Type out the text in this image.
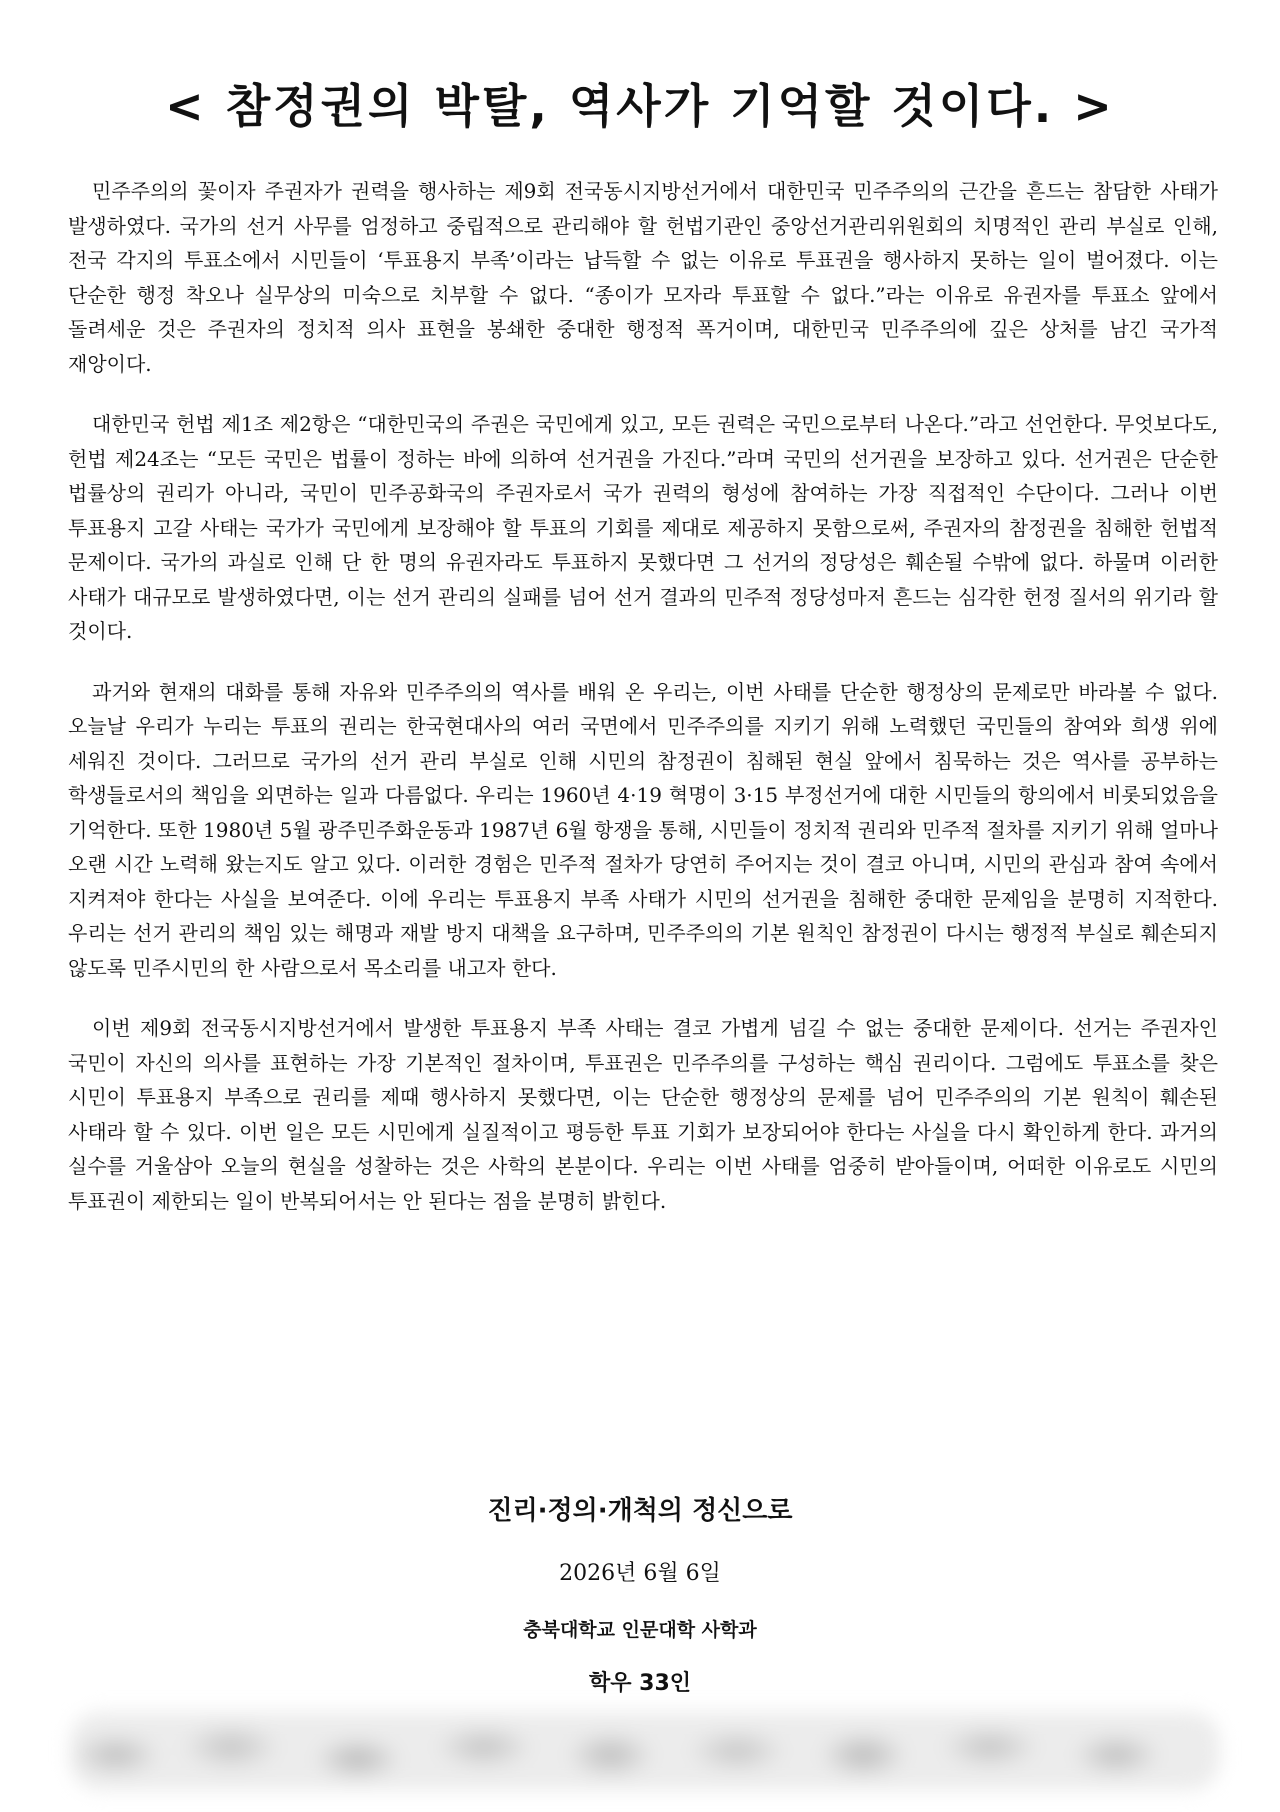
< 참정권의 박탈, 역사가 기억할 것이다. >

민주주의의 꽃이자 주권자가 권력을 행사하는 제9회 전국동시지방선거에서 대한민국 민주주의의 근간을 흔드는 참담한 사태가 발생하였다. 국가의 선거 사무를 엄정하고 중립적으로 관리해야 할 헌법기관인 중앙선거관리위원회의 치명적인 관리 부실로 인해, 전국 각지의 투표소에서 시민들이 ‘투표용지 부족’이라는 납득할 수 없는 이유로 투표권을 행사하지 못하는 일이 벌어졌다. 이는 단순한 행정 착오나 실무상의 미숙으로 치부할 수 없다. “종이가 모자라 투표할 수 없다.”라는 이유로 유권자를 투표소 앞에서 돌려세운 것은 주권자의 정치적 의사 표현을 봉쇄한 중대한 행정적 폭거이며, 대한민국 민주주의에 깊은 상처를 남긴 국가적 재앙이다.

대한민국 헌법 제1조 제2항은 “대한민국의 주권은 국민에게 있고, 모든 권력은 국민으로부터 나온다.”라고 선언한다. 무엇보다도, 헌법 제24조는 “모든 국민은 법률이 정하는 바에 의하여 선거권을 가진다.”라며 국민의 선거권을 보장하고 있다. 선거권은 단순한 법률상의 권리가 아니라, 국민이 민주공화국의 주권자로서 국가 권력의 형성에 참여하는 가장 직접적인 수단이다. 그러나 이번 투표용지 고갈 사태는 국가가 국민에게 보장해야 할 투표의 기회를 제대로 제공하지 못함으로써, 주권자의 참정권을 침해한 헌법적 문제이다. 국가의 과실로 인해 단 한 명의 유권자라도 투표하지 못했다면 그 선거의 정당성은 훼손될 수밖에 없다. 하물며 이러한 사태가 대규모로 발생하였다면, 이는 선거 관리의 실패를 넘어 선거 결과의 민주적 정당성마저 흔드는 심각한 헌정 질서의 위기라 할 것이다.

과거와 현재의 대화를 통해 자유와 민주주의의 역사를 배워 온 우리는, 이번 사태를 단순한 행정상의 문제로만 바라볼 수 없다. 오늘날 우리가 누리는 투표의 권리는 한국현대사의 여러 국면에서 민주주의를 지키기 위해 노력했던 국민들의 참여와 희생 위에 세워진 것이다. 그러므로 국가의 선거 관리 부실로 인해 시민의 참정권이 침해된 현실 앞에서 침묵하는 것은 역사를 공부하는 학생들로서의 책임을 외면하는 일과 다름없다. 우리는 1960년 4·19 혁명이 3·15 부정선거에 대한 시민들의 항의에서 비롯되었음을 기억한다. 또한 1980년 5월 광주민주화운동과 1987년 6월 항쟁을 통해, 시민들이 정치적 권리와 민주적 절차를 지키기 위해 얼마나 오랜 시간 노력해 왔는지도 알고 있다. 이러한 경험은 민주적 절차가 당연히 주어지는 것이 결코 아니며, 시민의 관심과 참여 속에서 지켜져야 한다는 사실을 보여준다. 이에 우리는 투표용지 부족 사태가 시민의 선거권을 침해한 중대한 문제임을 분명히 지적한다. 우리는 선거 관리의 책임 있는 해명과 재발 방지 대책을 요구하며, 민주주의의 기본 원칙인 참정권이 다시는 행정적 부실로 훼손되지 않도록 민주시민의 한 사람으로서 목소리를 내고자 한다.

이번 제9회 전국동시지방선거에서 발생한 투표용지 부족 사태는 결코 가볍게 넘길 수 없는 중대한 문제이다. 선거는 주권자인 국민이 자신의 의사를 표현하는 가장 기본적인 절차이며, 투표권은 민주주의를 구성하는 핵심 권리이다. 그럼에도 투표소를 찾은 시민이 투표용지 부족으로 권리를 제때 행사하지 못했다면, 이는 단순한 행정상의 문제를 넘어 민주주의의 기본 원칙이 훼손된 사태라 할 수 있다. 이번 일은 모든 시민에게 실질적이고 평등한 투표 기회가 보장되어야 한다는 사실을 다시 확인하게 한다. 과거의 실수를 거울삼아 오늘의 현실을 성찰하는 것은 사학의 본분이다. 우리는 이번 사태를 엄중히 받아들이며, 어떠한 이유로도 시민의 투표권이 제한되는 일이 반복되어서는 안 된다는 점을 분명히 밝힌다.

진리·정의·개척의 정신으로
2026년 6월 6일
충북대학교 인문대학 사학과
학우 33인
